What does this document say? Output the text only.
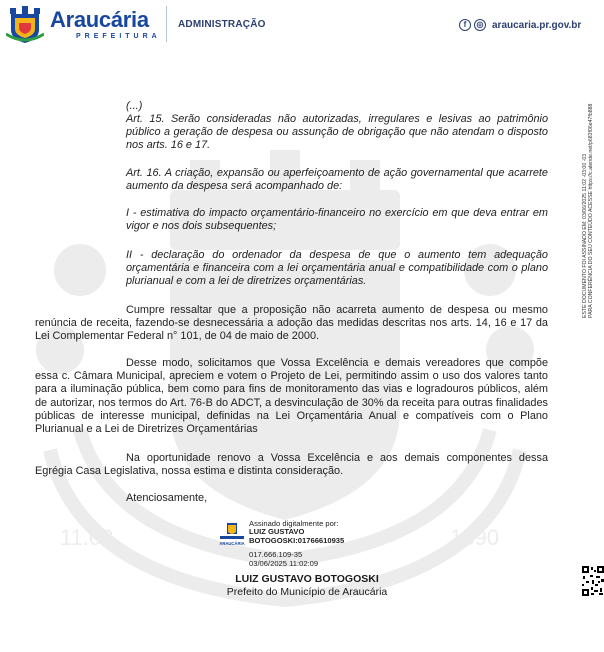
11.02	1890
Araucária
PREFEITURA
ADMINISTRAÇÃO	f	◎ araucaria.pr.gov.br
(...)
Art. 15. Serão consideradas não autorizadas, irregulares e lesivas ao patrimônio público a geração de despesa ou assunção de obrigação que não atendam o disposto nos arts. 16 e 17.
Art. 16. A criação, expansão ou aperfeiçoamento de ação governamental que acarrete aumento da despesa será acompanhado de:
I - estimativa do impacto orçamentário-financeiro no exercício em que deva entrar em vigor e nos dois subsequentes;
II - declaração do ordenador da despesa de que o aumento tem adequação orçamentária e financeira com a lei orçamentária anual e compatibilidade com o plano plurianual e com a lei de diretrizes orçamentárias.
Cumpre ressaltar que a proposição não acarreta aumento de despesa ou mesmo renúncia de receita, fazendo-se desnecessária a adoção das medidas descritas nos arts. 14, 16 e 17 da Lei Complementar Federal n° 101, de 04 de maio de 2000.
Desse modo, solicitamos que Vossa Excelência e demais vereadores que compõe essa c. Câmara Municipal, apreciem e votem o Projeto de Lei, permitindo assim o uso dos valores tanto para a iluminação pública, bem como para fins de monitoramento das vias e logradouros públicos, além de autorizar, nos termos do Art. 76-B do ADCT, a desvinculação de 30% da receita para outras finalidades públicas de interesse municipal, definidas na Lei Orçamentária Anual e compatíveis com o Plano Plurianual e a Lei de Diretrizes Orçamentárias
Na oportunidade renovo a Vossa Excelência e aos demais componentes dessa Egrégia Casa Legislativa, nossa estima e distinta consideração.
Atenciosamente,
ARAUCÁRIA
Assinado digitalmente por:
LUIZ GUSTAVO
BOTOGOSKI:01766610935
017.666.109-35
03/06/2025 11:02:09
LUIZ GUSTAVO BOTOGOSKI
Prefeito do Município de Araucária
ESTE DOCUMENTO FOI ASSINADO EM: 03/06/2025 11:02 -03:00 -03 PARA CONFERÊNCIA DO SEU CONTEÚDO ACESSE https://c.atende.net/p683f06e47fb888
